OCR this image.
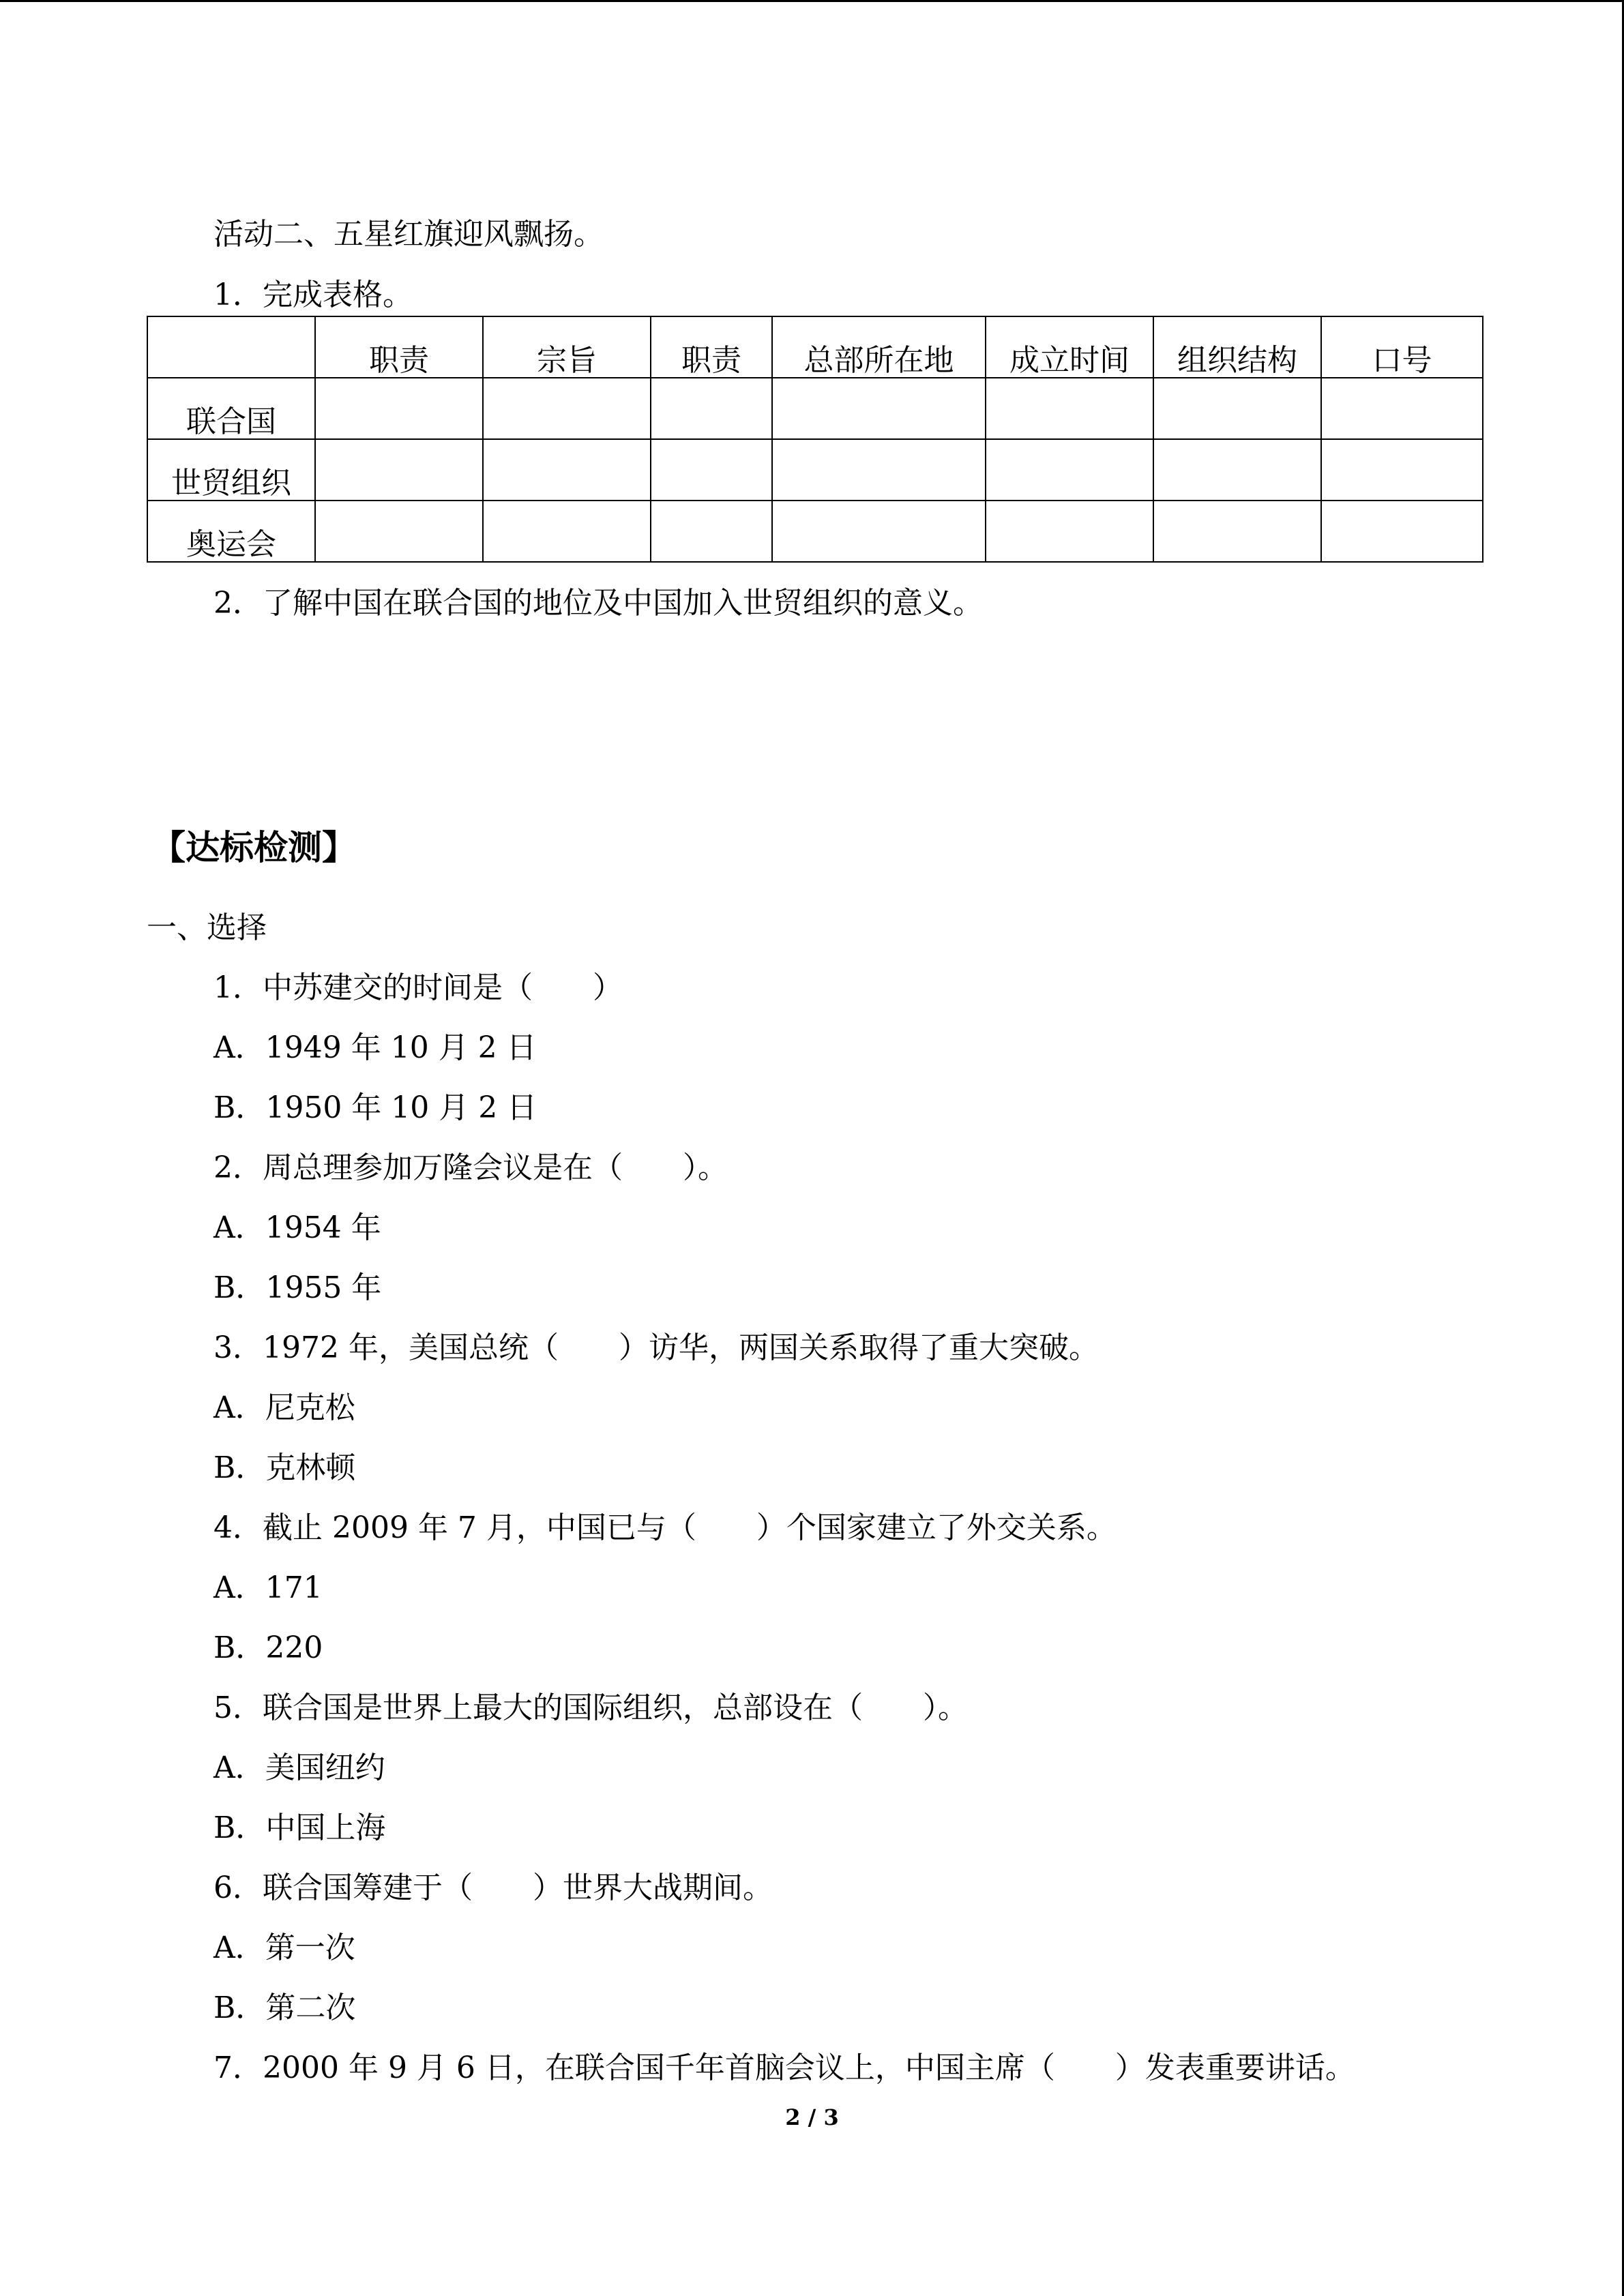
活动二、五星红旗迎风飘扬。
1．完成表格。
	职责	宗旨	职责	总部所在地	成立时间	组织结构	口号
联合国							
世贸组织							
奥运会							
2．了解中国在联合国的地位及中国加入世贸组织的意义。
【达标检测】
一、选择
1．中苏建交的时间是（　　）
A．1949 年 10 月 2 日
B．1950 年 10 月 2 日
2．周总理参加万隆会议是在（　　）。
A．1954 年
B．1955 年
3．1972 年，美国总统（　　）访华，两国关系取得了重大突破。
A．尼克松
B．克林顿
4．截止 2009 年 7 月，中国已与（　　）个国家建立了外交关系。
A．171
B．220
5．联合国是世界上最大的国际组织，总部设在（　　）。
A．美国纽约
B．中国上海
6．联合国筹建于（　　）世界大战期间。
A．第一次
B．第二次
7．2000 年 9 月 6 日，在联合国千年首脑会议上，中国主席（　　）发表重要讲话。
2 / 3
